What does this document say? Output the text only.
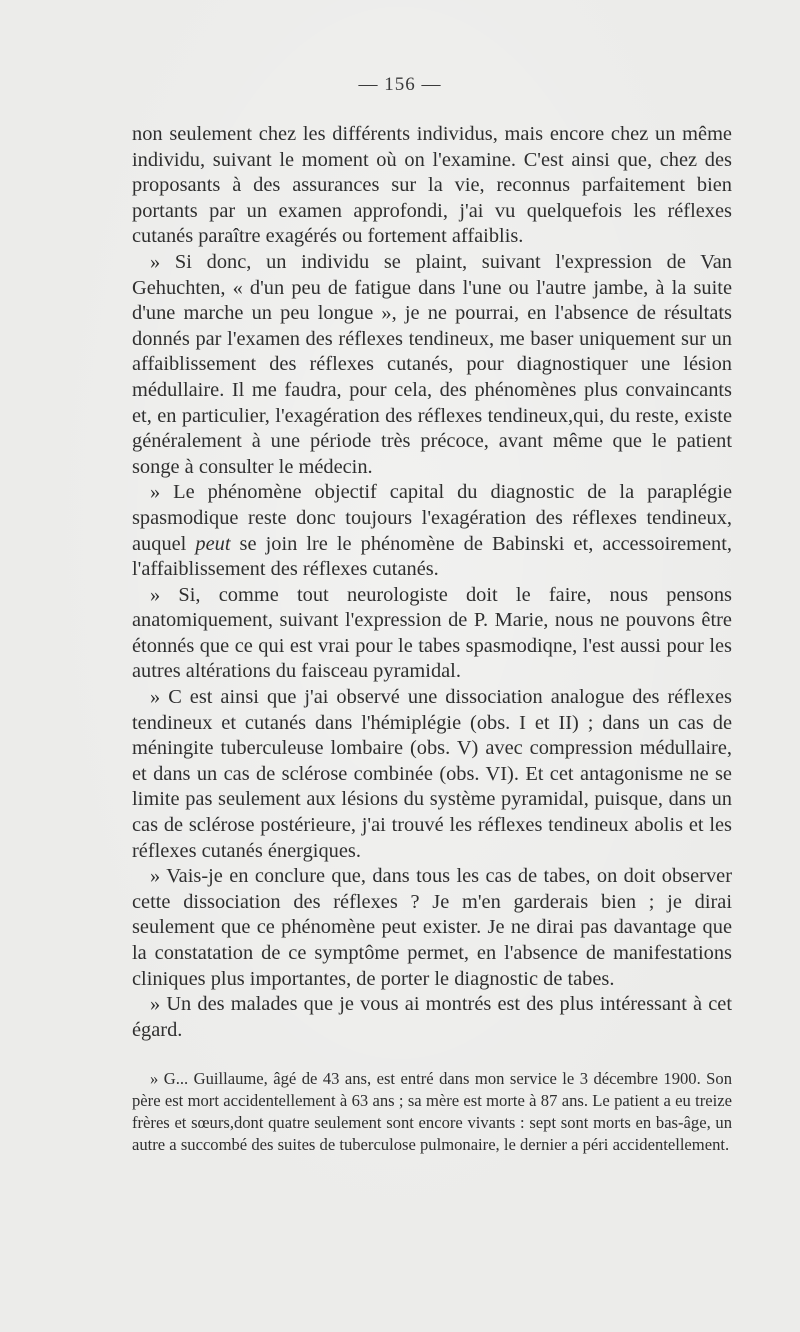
— 156 —

non seulement chez les différents individus, mais encore chez un même individu, suivant le moment où on l'examine. C'est ainsi que, chez des proposants à des assurances sur la vie, reconnus parfaitement bien portants par un examen approfondi, j'ai vu quelquefois les réflexes cutanés paraître exagérés ou fortement affaiblis.

» Si donc, un individu se plaint, suivant l'expression de Van Gehuchten, « d'un peu de fatigue dans l'une ou l'autre jambe, à la suite d'une marche un peu longue », je ne pourrai, en l'absence de résultats donnés par l'examen des réflexes tendineux, me baser uniquement sur un affaiblissement des réflexes cutanés, pour diagnostiquer une lésion médullaire. Il me faudra, pour cela, des phénomènes plus convaincants et, en particulier, l'exagération des réflexes tendineux,qui, du reste, existe généralement à une période très précoce, avant même que le patient songe à consulter le médecin.

» Le phénomène objectif capital du diagnostic de la paraplégie spasmodique reste donc toujours l'exagération des réflexes tendineux, auquel peut se join lre le phénomène de Babinski et, accessoirement, l'affaiblissement des réflexes cutanés.

» Si, comme tout neurologiste doit le faire, nous pensons anatomiquement, suivant l'expression de P. Marie, nous ne pouvons être étonnés que ce qui est vrai pour le tabes spasmodiqne, l'est aussi pour les autres altérations du faisceau pyramidal.

» C est ainsi que j'ai observé une dissociation analogue des réflexes tendineux et cutanés dans l'hémiplégie (obs. I et II) ; dans un cas de méningite tuberculeuse lombaire (obs. V) avec compression médullaire, et dans un cas de sclérose combinée (obs. VI). Et cet antagonisme ne se limite pas seulement aux lésions du système pyramidal, puisque, dans un cas de sclérose postérieure, j'ai trouvé les réflexes tendineux abolis et les réflexes cutanés énergiques.

» Vais-je en conclure que, dans tous les cas de tabes, on doit observer cette dissociation des réflexes ? Je m'en garderais bien ; je dirai seulement que ce phénomène peut exister. Je ne dirai pas davantage que la constatation de ce symptôme permet, en l'absence de manifestations cliniques plus importantes, de porter le diagnostic de tabes.

» Un des malades que je vous ai montrés est des plus intéressant à cet égard.

» G... Guillaume, âgé de 43 ans, est entré dans mon service le 3 décembre 1900. Son père est mort accidentellement à 63 ans ; sa mère est morte à 87 ans. Le patient a eu treize frères et sœurs,dont quatre seulement sont encore vivants : sept sont morts en bas-âge, un autre a succombé des suites de tuberculose pulmonaire, le dernier a péri accidentellement.
